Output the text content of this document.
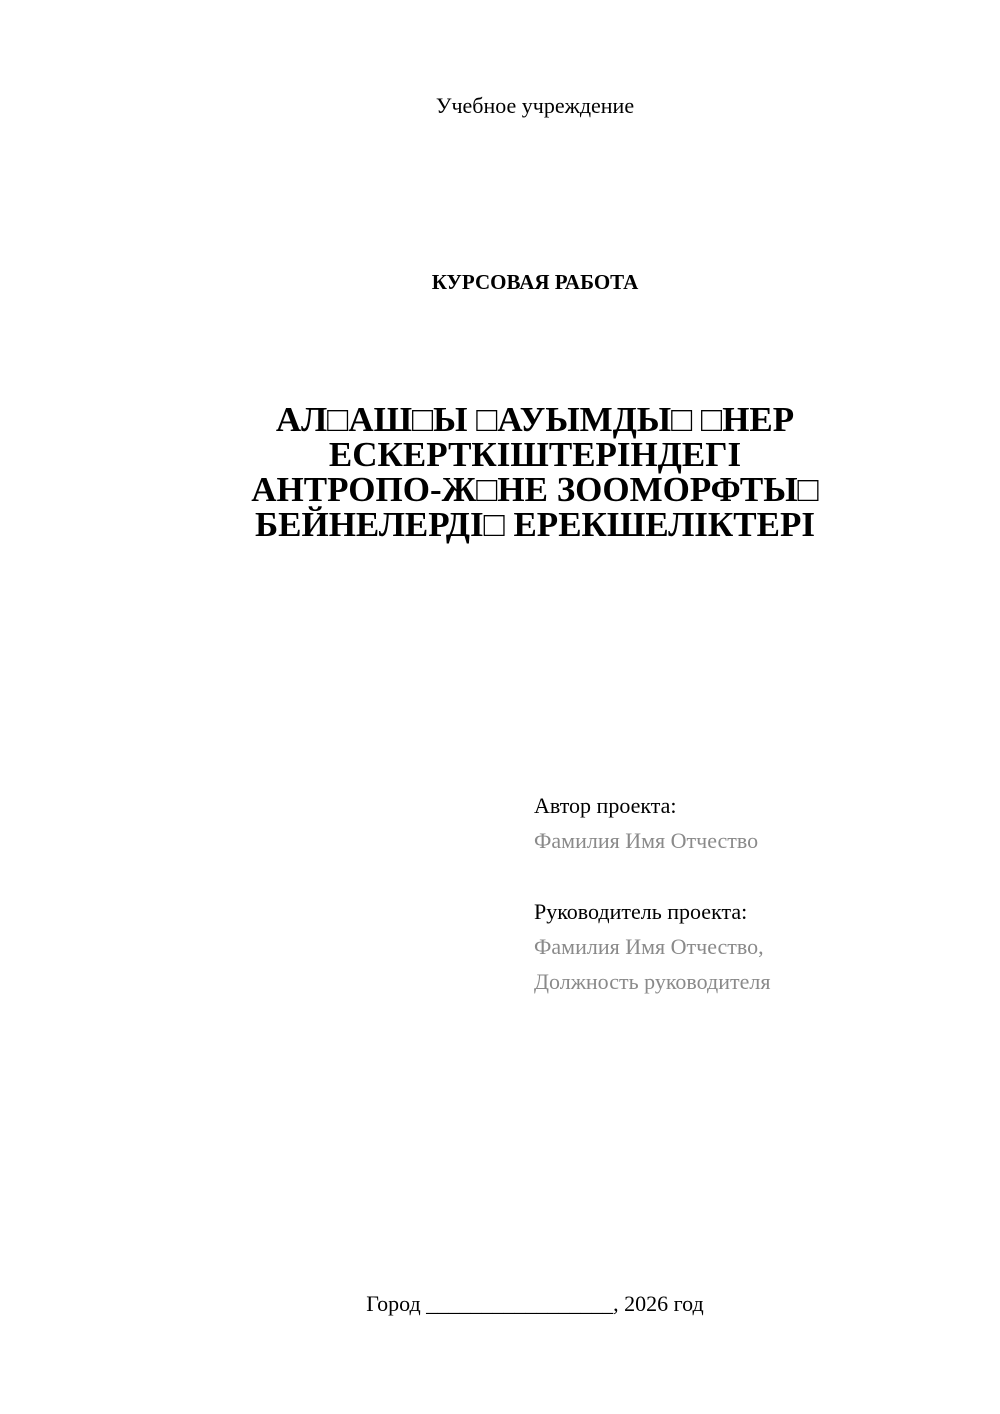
Учебное учреждение
КУРСОВАЯ РАБОТА
АЛ□АШ□Ы □АУЫМДЫ□ □НЕР
ЕСКЕРТКІШТЕРІНДЕГІ
АНТРОПО-Ж□НЕ ЗООМОРФТЫ□
БЕЙНЕЛЕРДІ□ ЕРЕКШЕЛІКТЕРІ
Автор проекта:
Фамилия Имя Отчество
Руководитель проекта:
Фамилия Имя Отчество,
Должность руководителя
Город _________________, 2026 год
